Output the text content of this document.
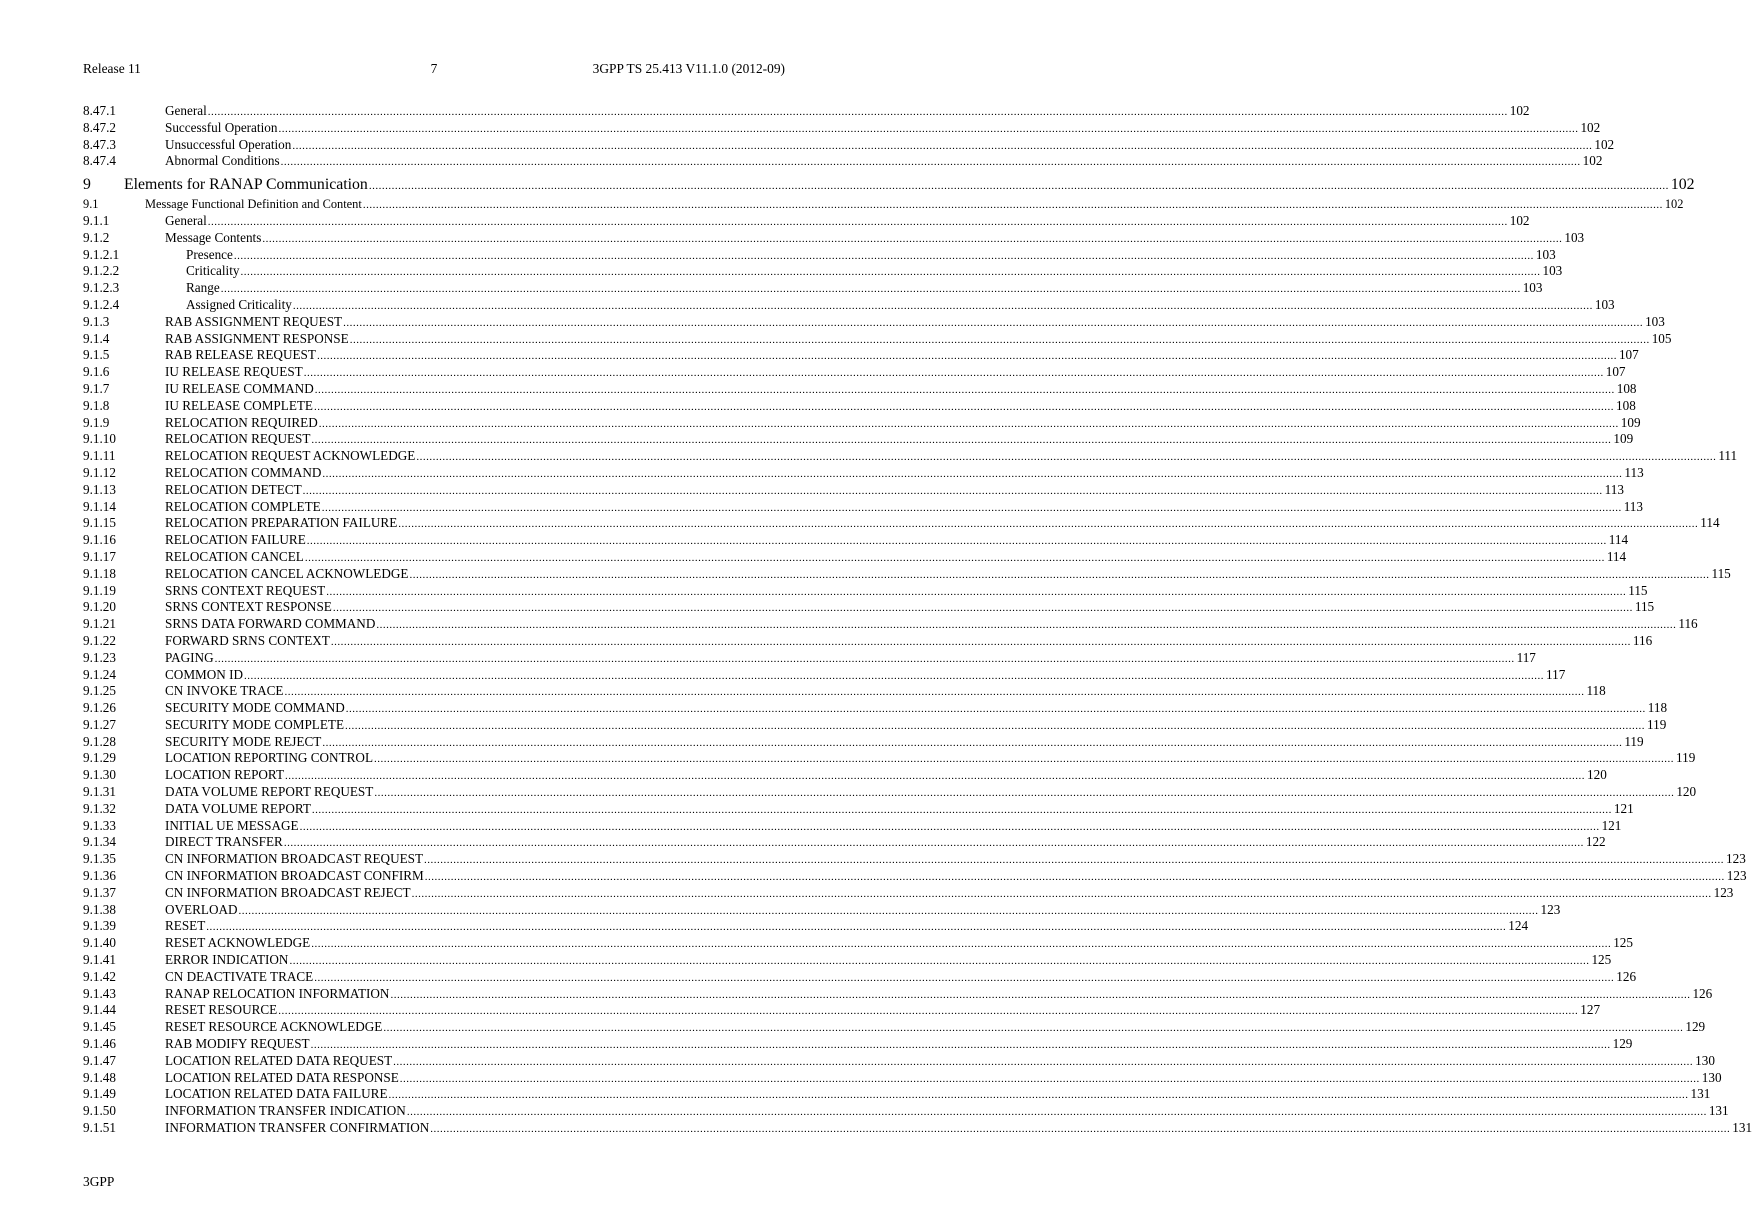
Release 11	7	3GPP TS 25.413 V11.1.0 (2012-09)
8.47.1	General ................................................................................................................................................................................................................................................................................................................................................................................................................ 102
8.47.2	Successful Operation ................................................................................................................................................................................................................................................................................................................................................................................................................ 102
8.47.3	Unsuccessful Operation ................................................................................................................................................................................................................................................................................................................................................................................................................ 102
8.47.4	Abnormal Conditions ................................................................................................................................................................................................................................................................................................................................................................................................................ 102
9 Elements for RANAP Communication ................................................................................................................................................................................................................................................................................................................................................................................................................ 102
9.1	Message Functional Definition and Content ................................................................................................................................................................................................................................................................................................................................................................................................................ 102
9.1.1	General ................................................................................................................................................................................................................................................................................................................................................................................................................ 102
9.1.2	Message Contents ................................................................................................................................................................................................................................................................................................................................................................................................................ 103
9.1.2.1	Presence ................................................................................................................................................................................................................................................................................................................................................................................................................ 103
9.1.2.2	Criticality ................................................................................................................................................................................................................................................................................................................................................................................................................ 103
9.1.2.3	Range ................................................................................................................................................................................................................................................................................................................................................................................................................ 103
9.1.2.4	Assigned Criticality ................................................................................................................................................................................................................................................................................................................................................................................................................ 103
9.1.3	RAB ASSIGNMENT REQUEST ................................................................................................................................................................................................................................................................................................................................................................................................................ 103
9.1.4	RAB ASSIGNMENT RESPONSE ................................................................................................................................................................................................................................................................................................................................................................................................................ 105
9.1.5	RAB RELEASE REQUEST ................................................................................................................................................................................................................................................................................................................................................................................................................ 107
9.1.6	IU RELEASE REQUEST ................................................................................................................................................................................................................................................................................................................................................................................................................ 107
9.1.7	IU RELEASE COMMAND ................................................................................................................................................................................................................................................................................................................................................................................................................ 108
9.1.8	IU RELEASE COMPLETE ................................................................................................................................................................................................................................................................................................................................................................................................................ 108
9.1.9	RELOCATION REQUIRED ................................................................................................................................................................................................................................................................................................................................................................................................................ 109
9.1.10	RELOCATION REQUEST ................................................................................................................................................................................................................................................................................................................................................................................................................ 109
9.1.11	RELOCATION REQUEST ACKNOWLEDGE ................................................................................................................................................................................................................................................................................................................................................................................................................ 111
9.1.12	RELOCATION COMMAND ................................................................................................................................................................................................................................................................................................................................................................................................................ 113
9.1.13	RELOCATION DETECT ................................................................................................................................................................................................................................................................................................................................................................................................................ 113
9.1.14	RELOCATION COMPLETE ................................................................................................................................................................................................................................................................................................................................................................................................................ 113
9.1.15	RELOCATION PREPARATION FAILURE ................................................................................................................................................................................................................................................................................................................................................................................................................ 114
9.1.16	RELOCATION FAILURE ................................................................................................................................................................................................................................................................................................................................................................................................................ 114
9.1.17	RELOCATION CANCEL ................................................................................................................................................................................................................................................................................................................................................................................................................ 114
9.1.18	RELOCATION CANCEL ACKNOWLEDGE ................................................................................................................................................................................................................................................................................................................................................................................................................ 115
9.1.19	SRNS CONTEXT REQUEST ................................................................................................................................................................................................................................................................................................................................................................................................................ 115
9.1.20	SRNS CONTEXT RESPONSE ................................................................................................................................................................................................................................................................................................................................................................................................................ 115
9.1.21	SRNS DATA FORWARD COMMAND ................................................................................................................................................................................................................................................................................................................................................................................................................ 116
9.1.22	FORWARD SRNS CONTEXT ................................................................................................................................................................................................................................................................................................................................................................................................................ 116
9.1.23	PAGING ................................................................................................................................................................................................................................................................................................................................................................................................................ 117
9.1.24	COMMON ID ................................................................................................................................................................................................................................................................................................................................................................................................................ 117
9.1.25	CN INVOKE TRACE ................................................................................................................................................................................................................................................................................................................................................................................................................ 118
9.1.26	SECURITY MODE COMMAND ................................................................................................................................................................................................................................................................................................................................................................................................................ 118
9.1.27	SECURITY MODE COMPLETE ................................................................................................................................................................................................................................................................................................................................................................................................................ 119
9.1.28	SECURITY MODE REJECT ................................................................................................................................................................................................................................................................................................................................................................................................................ 119
9.1.29	LOCATION REPORTING CONTROL ................................................................................................................................................................................................................................................................................................................................................................................................................ 119
9.1.30	LOCATION REPORT ................................................................................................................................................................................................................................................................................................................................................................................................................ 120
9.1.31	DATA VOLUME REPORT REQUEST ................................................................................................................................................................................................................................................................................................................................................................................................................ 120
9.1.32	DATA VOLUME REPORT ................................................................................................................................................................................................................................................................................................................................................................................................................ 121
9.1.33	INITIAL UE MESSAGE ................................................................................................................................................................................................................................................................................................................................................................................................................ 121
9.1.34	DIRECT TRANSFER ................................................................................................................................................................................................................................................................................................................................................................................................................ 122
9.1.35	CN INFORMATION BROADCAST REQUEST ................................................................................................................................................................................................................................................................................................................................................................................................................ 123
9.1.36	CN INFORMATION BROADCAST CONFIRM ................................................................................................................................................................................................................................................................................................................................................................................................................ 123
9.1.37	CN INFORMATION BROADCAST REJECT ................................................................................................................................................................................................................................................................................................................................................................................................................ 123
9.1.38	OVERLOAD ................................................................................................................................................................................................................................................................................................................................................................................................................ 123
9.1.39	RESET ................................................................................................................................................................................................................................................................................................................................................................................................................ 124
9.1.40	RESET ACKNOWLEDGE ................................................................................................................................................................................................................................................................................................................................................................................................................ 125
9.1.41	ERROR INDICATION ................................................................................................................................................................................................................................................................................................................................................................................................................ 125
9.1.42	CN DEACTIVATE TRACE ................................................................................................................................................................................................................................................................................................................................................................................................................ 126
9.1.43	RANAP RELOCATION INFORMATION ................................................................................................................................................................................................................................................................................................................................................................................................................ 126
9.1.44	RESET RESOURCE ................................................................................................................................................................................................................................................................................................................................................................................................................ 127
9.1.45	RESET RESOURCE ACKNOWLEDGE ................................................................................................................................................................................................................................................................................................................................................................................................................ 129
9.1.46	RAB MODIFY REQUEST ................................................................................................................................................................................................................................................................................................................................................................................................................ 129
9.1.47	LOCATION RELATED DATA REQUEST ................................................................................................................................................................................................................................................................................................................................................................................................................ 130
9.1.48	LOCATION RELATED DATA RESPONSE ................................................................................................................................................................................................................................................................................................................................................................................................................ 130
9.1.49	LOCATION RELATED DATA FAILURE ................................................................................................................................................................................................................................................................................................................................................................................................................ 131
9.1.50	INFORMATION TRANSFER INDICATION ................................................................................................................................................................................................................................................................................................................................................................................................................ 131
9.1.51	INFORMATION TRANSFER CONFIRMATION ................................................................................................................................................................................................................................................................................................................................................................................................................ 131
3GPP
